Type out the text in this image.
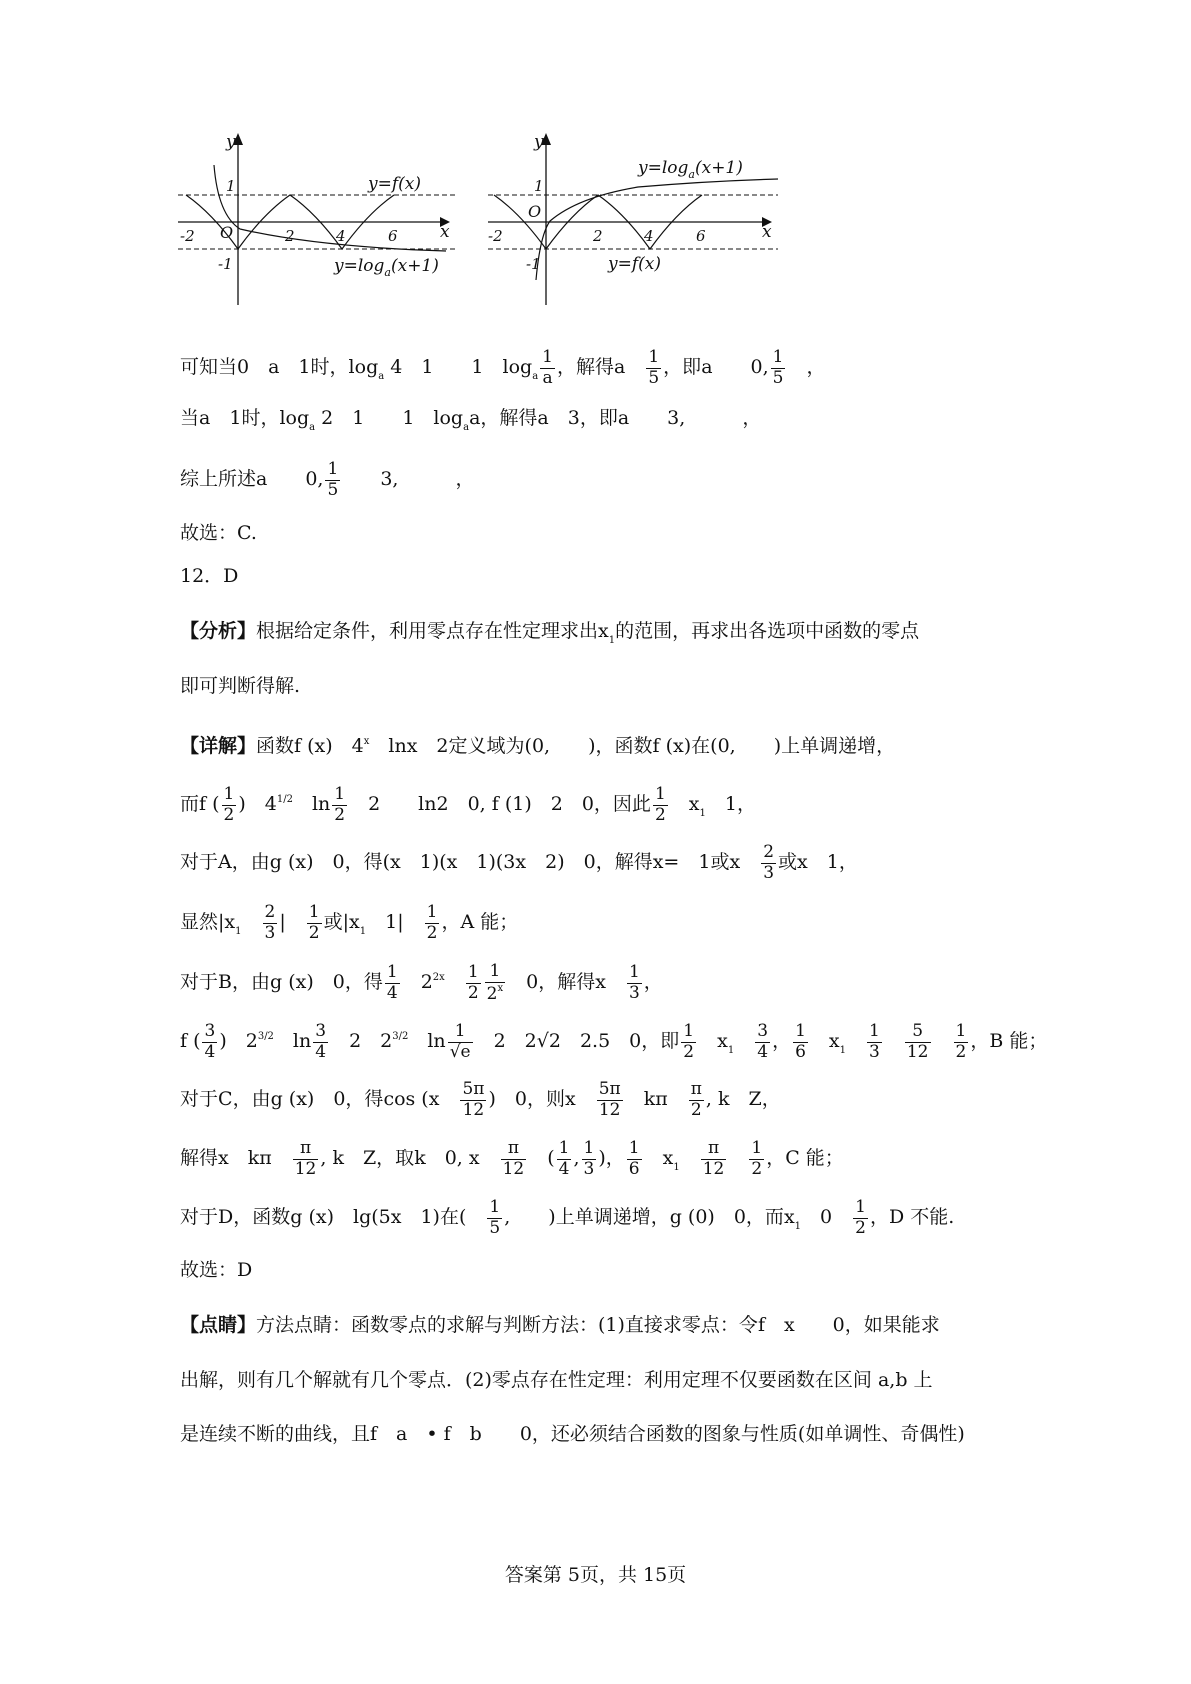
y
x
1
-1
O
-2	2	4	6
y=f(x)
$y=\log_a(x+1)$
y
x
1
-1
O
-2	2	4	6
y=f(x)
$y=\log_a(x+1)$
可知当0　a　1时，$\log_a 4$　1　　1　$\log_a \frac{1}{a}$ ，解得a　 $\frac{1}{5}$ ，即a　　0, $\frac{1}{5}$ 　，
当a　1时，$\log_a 2$　1　　1　$\log_aa$，解得a　3，即a　　3,　　　，
综上所述a　　0, $\frac{1}{5}$ 　　3,　　　，
故选：C.
12．D
【分析】根据给定条件，利用零点存在性定理求出$x_1$的范围，再求出各选项中函数的零点
即可判断得解.
【详解】函数f (x)　4$^x$　lnx　2定义域为(0,　　)，函数f (x)在(0,　　)上单调递增，
而f ( $\frac{1}{2}$ )　$4^{1/2}$　$\ln \frac{1}{2}$ 　2　　ln2　0, f (1)　2　0，因此 $\frac{1}{2}$ 　$x_1$　1，
对于A，由g (x)　0，得(x　1)(x　1)(3x　2)　0，解得x=　1或x　 $\frac{2}{3}$ 或x　1，
显然$|x_1$　 $\frac{2}{3}$ |　 $\frac{1}{2}$ 或$|x_1$　1|　 $\frac{1}{2}$ ，A 能；
对于B，由g (x)　0，得 $\frac{1}{4}$ 　$2^{2x}$　 $\frac{1}{2} \frac{1}{2^x}$ 　0，解得x　 $\frac{1}{3}$ ，
f ( $\frac{3}{4}$ )　$2^{3/2}$　$\ln \frac{3}{4}$ 　2　$2^{3/2}$　$\ln \frac{1}{√e}$ 　2　2√2　2.5　0，即 $\frac{1}{2}$ 　$x_1$　 $\frac{3}{4}$ ， $\frac{1}{6}$ 　$x_1$　 $\frac{1}{3}$
　 $\frac{5}{12}$
　 $\frac{1}{2}$ ，B 能；
对于C，由g (x)　0，得cos (x　 $\frac{5\pi}{12}$ )　0，则x　 $\frac{5\pi}{12}$ 　kπ　 $\frac{\pi}{2}$ , k　Z，
解得x　kπ　 $\frac{\pi}{12}$ , k　Z，取k　0, x　 $\frac{\pi}{12}$ 　( $\frac{1}{4}$ , $\frac{1}{3}$ )， $\frac{1}{6}$ 　$x_1$　 $\frac{\pi}{12}$
　 $\frac{1}{2}$ ，C 能；
对于D，函数g (x)　lg(5x　1)在(　 $\frac{1}{5}$ ,　　)上单调递增，g (0)　0，而$x_1$　0　 $\frac{1}{2}$ ，D 不能.
故选：D
【点睛】方法点睛：函数零点的求解与判断方法：(1)直接求零点：令f　x　　0，如果能求
出解，则有几个解就有几个零点．(2)零点存在性定理：利用定理不仅要函数在区间 a,b 上
是连续不断的曲线，且f　a　• f　b　　0，还必须结合函数的图象与性质(如单调性、奇偶性)
答案第 5页，共 15页
